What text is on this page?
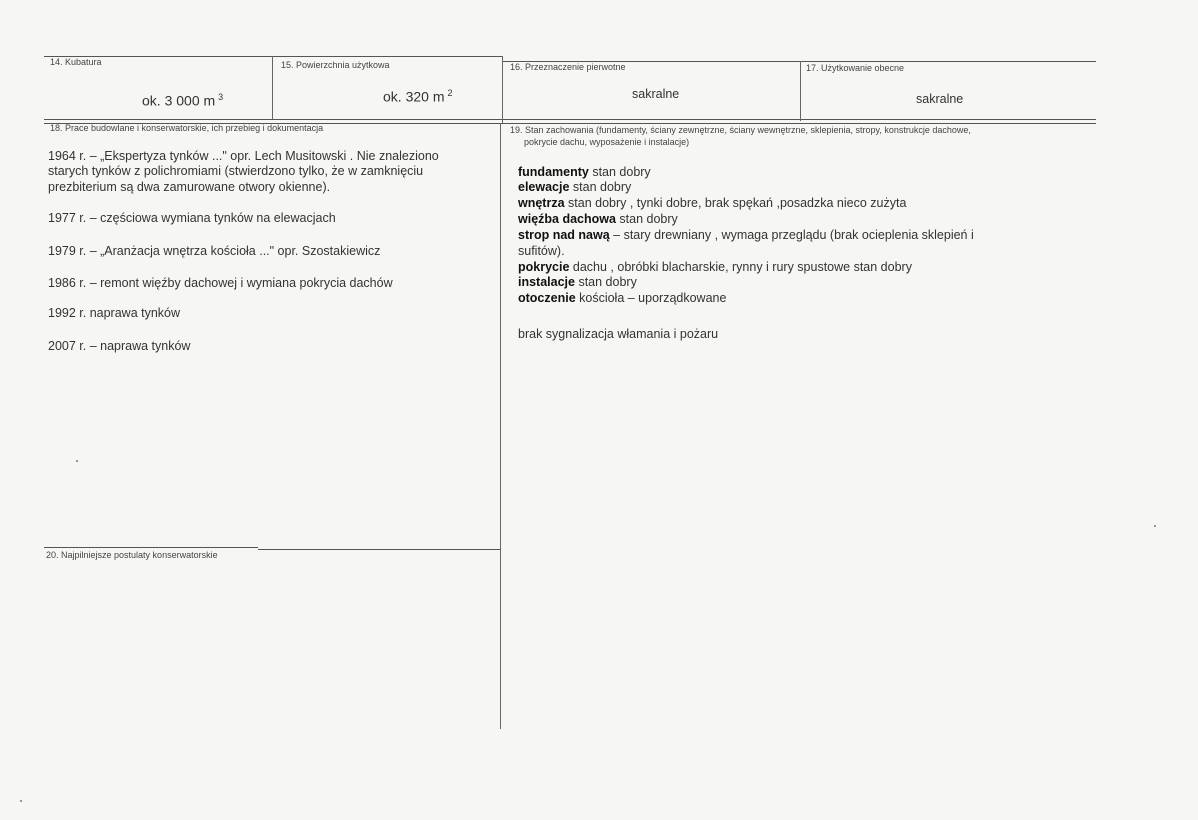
14. Kubatura
ok. 3 000 m $^3$
15. Powierzchnia użytkowa
ok. 320 m $^2$
16. Przeznaczenie pierwotne
sakralne
17. Użytkowanie obecne
sakralne
18. Prace budowlane i konserwatorskie, ich przebieg i dokumentacja
1964 r. – „Ekspertyza tynków ..." opr. Lech Musitowski . Nie znaleziono
starych tynków z polichromiami (stwierdzono tylko, że w zamknięciu
prezbiterium są dwa zamurowane otwory okienne).
1977 r. – częściowa wymiana tynków na elewacjach
1979 r. – „Aranżacja wnętrza kościoła ..." opr. Szostakiewicz
1986 r. – remont więźby dachowej i wymiana pokrycia dachów
1992 r. naprawa tynków
2007 r. – naprawa tynków
19. Stan zachowania (fundamenty, ściany zewnętrzne, ściany wewnętrzne, sklepienia, stropy, konstrukcje dachowe,
pokrycie dachu, wyposażenie i instalacje)
fundamenty stan dobry
elewacje stan dobry
wnętrza stan dobry , tynki dobre, brak spękań ,posadzka nieco zużyta
więźba dachowa stan dobry
strop nad nawą – stary drewniany , wymaga przeglądu (brak ocieplenia sklepień i
sufitów).
pokrycie dachu , obróbki blacharskie, rynny i rury spustowe stan dobry
instalacje stan dobry
otoczenie kościoła – uporządkowane
brak sygnalizacja włamania i pożaru
20. Najpilniejsze postulaty konserwatorskie
